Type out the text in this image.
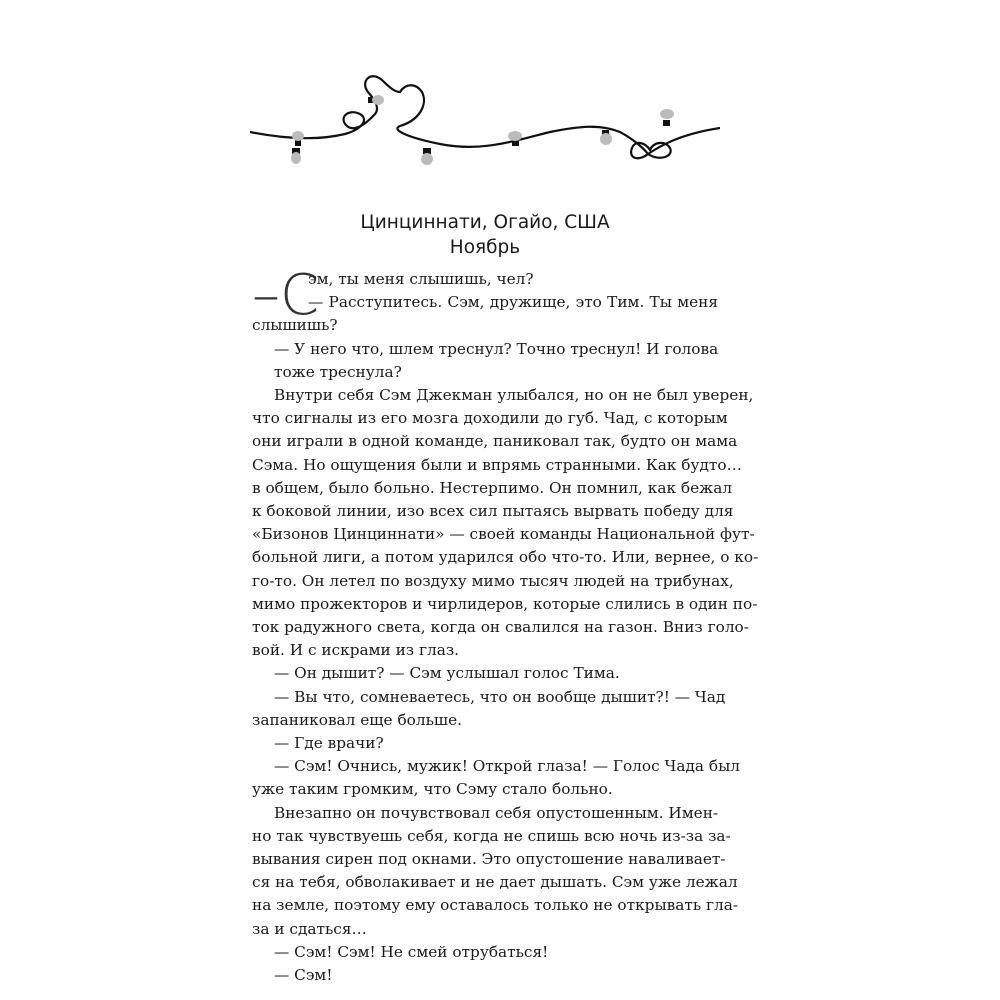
Цинциннати, Огайо, США
Ноябрь
–С
эм, ты меня слышишь, чел?
— Расступитесь. Сэм, дружище, это Тим. Ты меня
слышишь?
— У него что, шлем треснул? Точно треснул! И голова
тоже треснула?
Внутри себя Сэм Джекман улыбался, но он не был уверен,
что сигналы из его мозга доходили до губ. Чад, с которым
они играли в одной команде, паниковал так, будто он мама
Сэма. Но ощущения были и впрямь странными. Как будто…
в общем, было больно. Нестерпимо. Он помнил, как бежал
к боковой линии, изо всех сил пытаясь вырвать победу для
«Бизонов Цинциннати» — своей команды Национальной фут-
больной лиги, а потом ударился обо что-то. Или, вернее, о ко-
го-то. Он летел по воздуху мимо тысяч людей на трибунах,
мимо прожекторов и чирлидеров, которые слились в один по-
ток радужного света, когда он свалился на газон. Вниз голо-
вой. И с искрами из глаз.
— Он дышит? — Сэм услышал голос Тима.
— Вы что, сомневаетесь, что он вообще дышит?! — Чад
запаниковал еще больше.
— Где врачи?
— Сэм! Очнись, мужик! Открой глаза! — Голос Чада был
уже таким громким, что Сэму стало больно.
Внезапно он почувствовал себя опустошенным. Имен-
но так чувствуешь себя, когда не спишь всю ночь из-за за-
вывания сирен под окнами. Это опустошение наваливает-
ся на тебя, обволакивает и не дает дышать. Сэм уже лежал
на земле, поэтому ему оставалось только не открывать гла-
за и сдаться…
— Сэм! Сэм! Не смей отрубаться!
— Сэм!
